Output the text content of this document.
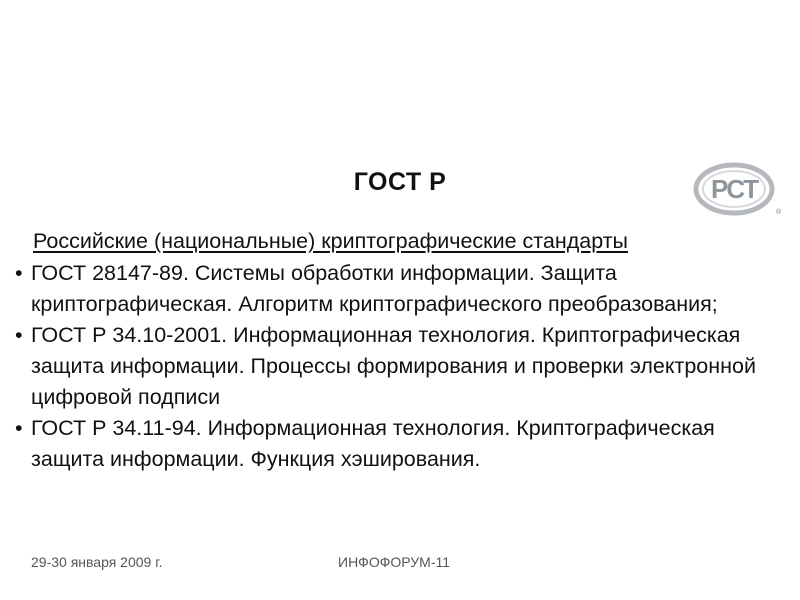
ГОСТ Р	PCT
®
Российские (национальные) криптографические стандарты
• ГОСТ 28147-89. Системы обработки информации. Защита криптографическая. Алгоритм криптографического преобразования;
• ГОСТ Р 34.10-2001. Информационная технология. Криптографическая защита информации. Процессы формирования и проверки электронной цифровой подписи
• ГОСТ Р 34.11-94. Информационная технология. Криптографическая защита информации. Функция хэширования.
29-30 января 2009 г.	ИНФОФОРУМ-11
